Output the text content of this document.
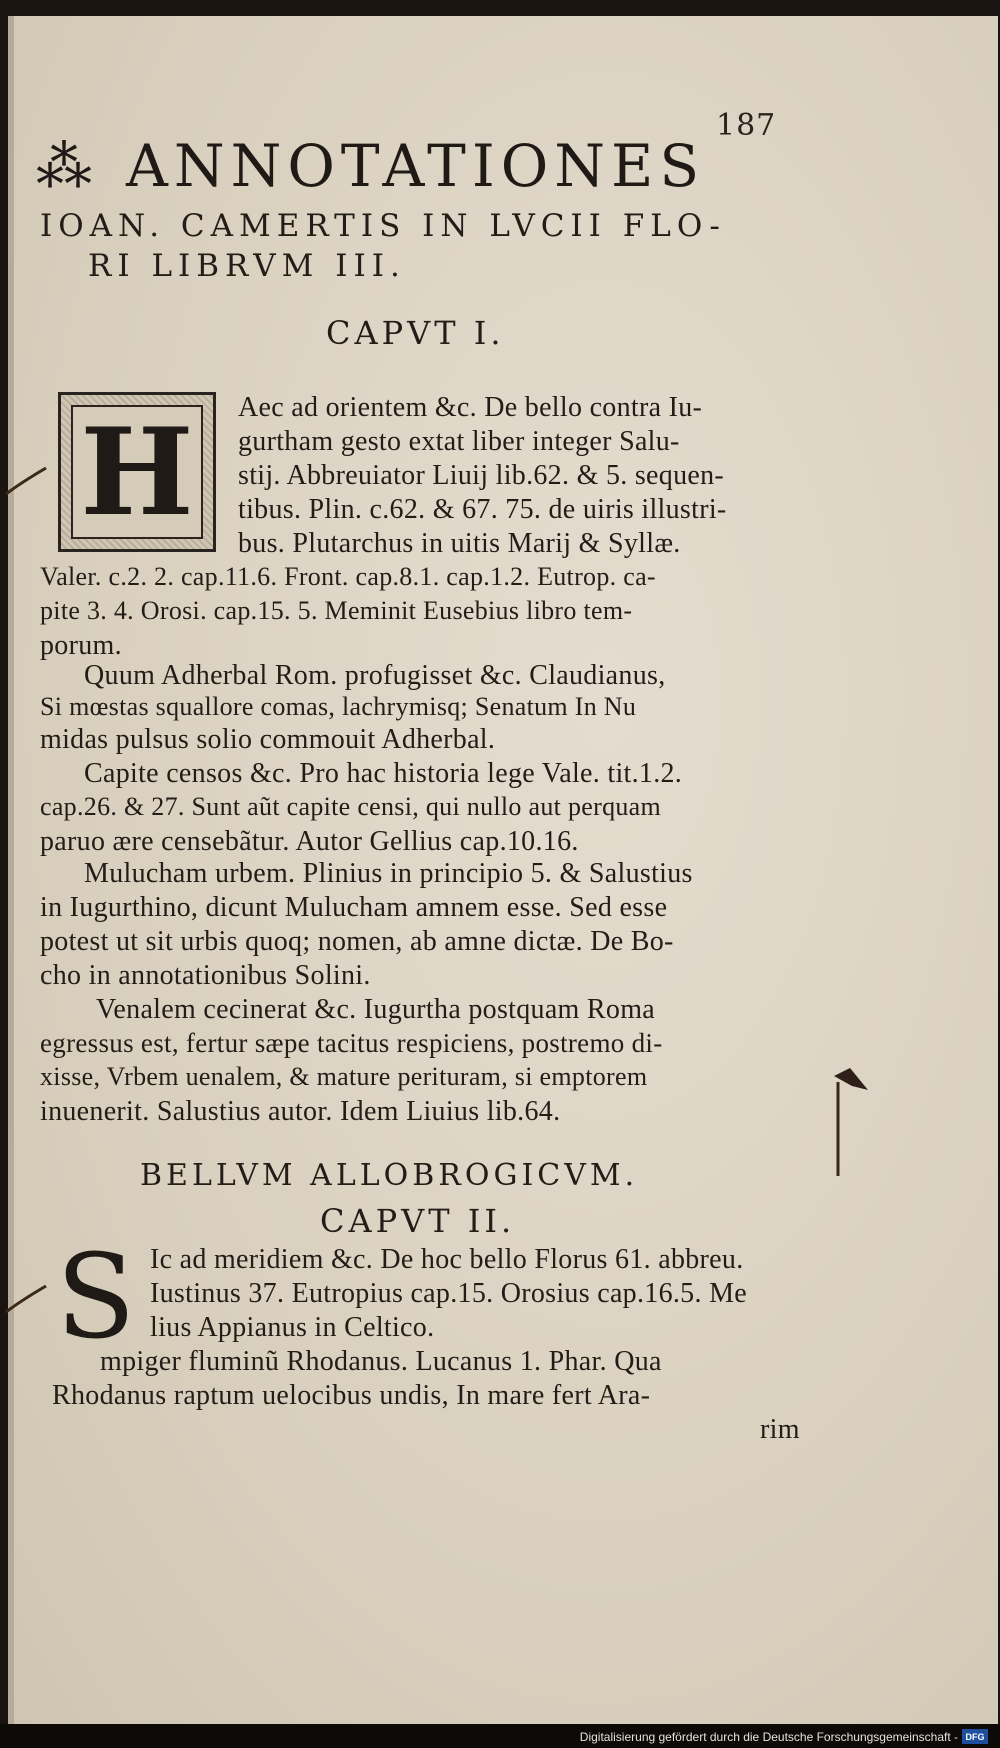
187
⁂ ANNOTATIONES
IOAN. CAMERTIS IN LVCII FLO-
RI LIBRVM III.
CAPVT I.
H	Aec ad orientem &c. De bello contra Iu-
gurtham gesto extat liber integer Salu-
stij. Abbreuiator Liuij lib.62. & 5. sequen-
tibus. Plin. c.62. & 67. 75. de uiris illustri-
bus. Plutarchus in uitis Marij & Syllæ.
Valer. c.2. 2. cap.11.6. Front. cap.8.1. cap.1.2. Eutrop. ca-
pite 3. 4. Orosi. cap.15. 5. Meminit Eusebius libro tem-
porum.
Quum Adherbal Rom. profugisset &c. Claudianus,
Si mœstas squallore comas, lachrymisq; Senatum In Nu
midas pulsus solio commouit Adherbal.
Capite censos &c. Pro hac historia lege Vale. tit.1.2.
cap.26. & 27. Sunt aũt capite censi, qui nullo aut perquam
paruo ære censebãtur. Autor Gellius cap.10.16.
Mulucham urbem. Plinius in principio 5. & Salustius
in Iugurthino, dicunt Mulucham amnem esse. Sed esse
potest ut sit urbis quoq; nomen, ab amne dictæ. De Bo-
cho in annotationibus Solini.
Venalem cecinerat &c. Iugurtha postquam Roma
egressus est, fertur sæpe tacitus respiciens, postremo di-
xisse, Vrbem uenalem, & mature perituram, si emptorem
inuenerit. Salustius autor. Idem Liuius lib.64.
BELLVM ALLOBROGICVM.
CAPVT II.
S Ic ad meridiem &c. De hoc bello Florus 61. abbreu.
Iustinus 37. Eutropius cap.15. Orosius cap.16.5. Me
lius Appianus in Celtico.
mpiger fluminũ Rhodanus. Lucanus 1. Phar. Qua
Rhodanus raptum uelocibus undis, In mare fert Ara-
rim
Digitalisierung gefördert durch die Deutsche Forschungsgemeinschaft - DFG
